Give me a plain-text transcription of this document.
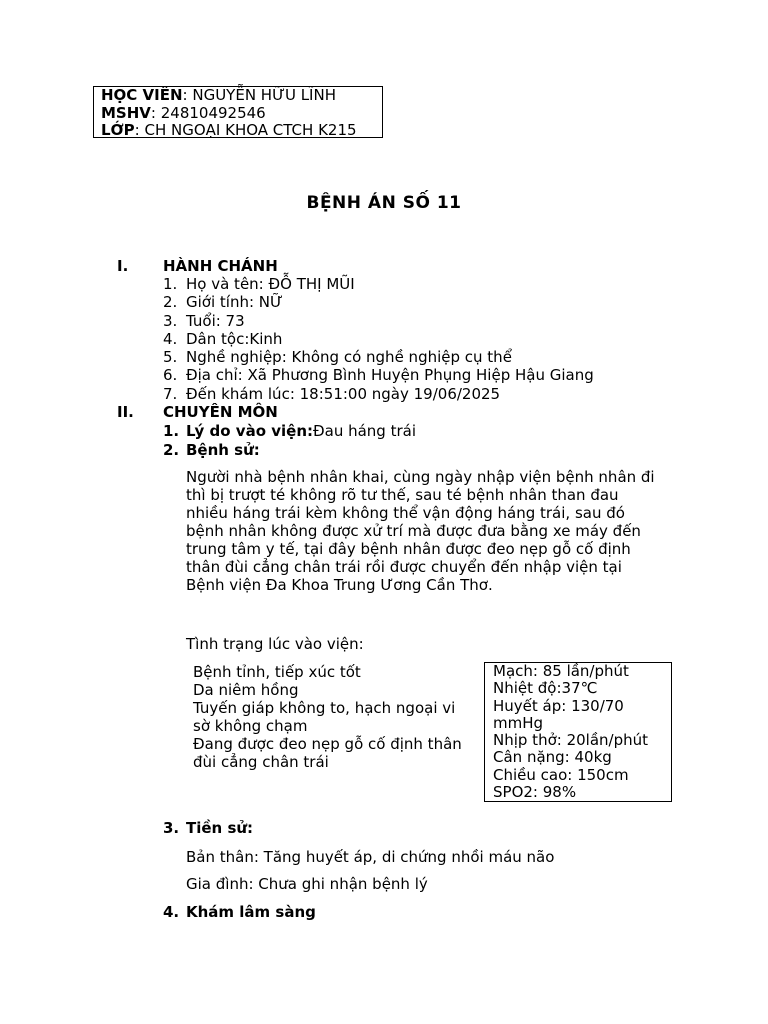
HỌC VIÊN: NGUYỄN HỮU LĨNH
MSHV: 24810492546
LỚP: CH NGOẠI KHOA CTCH K215
BỆNH ÁN SỐ 11
I. HÀNH CHÁNH
1. Họ và tên: ĐỖ THỊ MŨI
2. Giới tính: NỮ
3. Tuổi: 73
4. Dân tộc:Kinh
5. Nghề nghiệp: Không có nghề nghiệp cụ thể
6. Địa chỉ: Xã Phương Bình Huyện Phụng Hiệp Hậu Giang
7. Đến khám lúc: 18:51:00 ngày 19/06/2025
II. CHUYÊN MÔN
1. Lý do vào viện: Đau háng trái
2. Bệnh sử:
Người nhà bệnh nhân khai, cùng ngày nhập viện bệnh nhân đi
thì bị trượt té không rõ tư thế, sau té bệnh nhân than đau
nhiều háng trái kèm không thể vận động háng trái, sau đó
bệnh nhân không được xử trí mà được đưa bằng xe máy đến
trung tâm y tế, tại đây bệnh nhân được đeo nẹp gỗ cố định
thân đùi cẳng chân trái rồi được chuyển đến nhập viện tại
Bệnh viện Đa Khoa Trung Ương Cần Thơ.
Tình trạng lúc vào viện:
Bệnh tỉnh, tiếp xúc tốt
Da niêm hồng
Tuyến giáp không to, hạch ngoại vi
sờ không chạm
Đang được đeo nẹp gỗ cố định thân
đùi cẳng chân trái
Mạch: 85 lần/phút
Nhiệt độ:37℃
Huyết áp: 130/70
mmHg
Nhịp thở: 20lần/phút
Cân nặng: 40kg
Chiều cao: 150cm
SPO2: 98%
3. Tiền sử:
Bản thân: Tăng huyết áp, di chứng nhồi máu não
Gia đình: Chưa ghi nhận bệnh lý
4. Khám lâm sàng
